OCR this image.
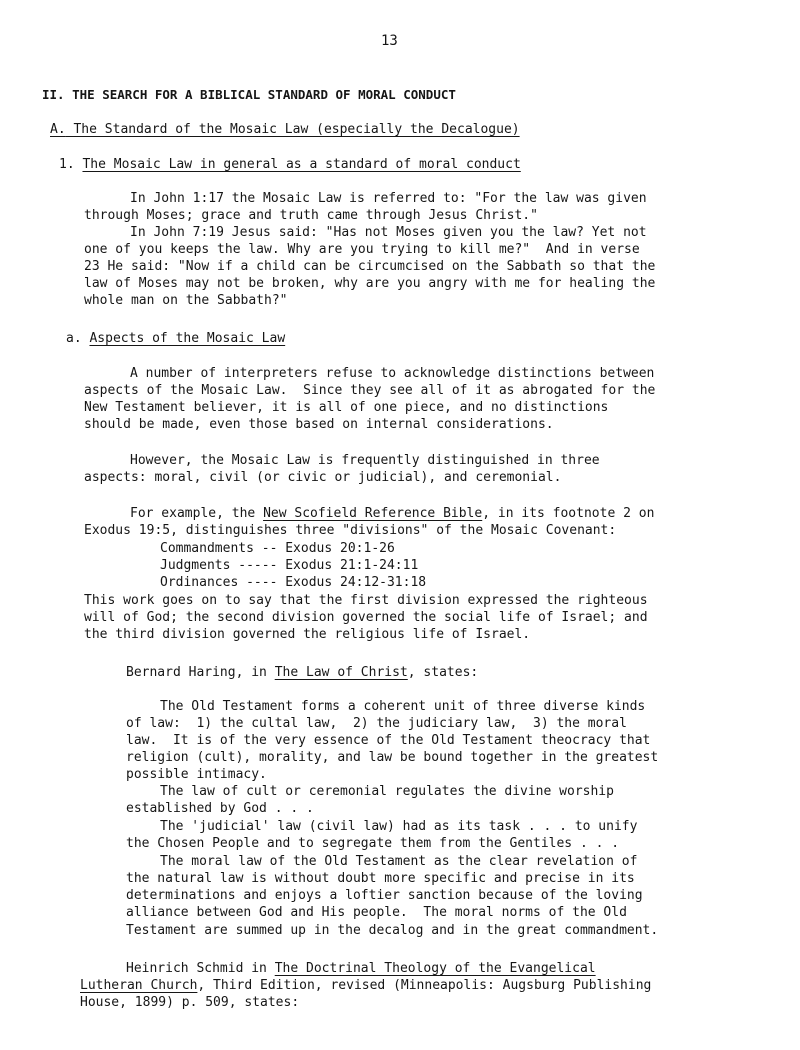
13
II. THE SEARCH FOR A BIBLICAL STANDARD OF MORAL CONDUCT
A. The Standard of the Mosaic Law (especially the Decalogue)
1. The Mosaic Law in general as a standard of moral conduct
In John 1:17 the Mosaic Law is referred to: "For the law was given
through Moses; grace and truth came through Jesus Christ."
In John 7:19 Jesus said: "Has not Moses given you the law? Yet not
one of you keeps the law. Why are you trying to kill me?"  And in verse
23 He said: "Now if a child can be circumcised on the Sabbath so that the
law of Moses may not be broken, why are you angry with me for healing the
whole man on the Sabbath?"
a. Aspects of the Mosaic Law
A number of interpreters refuse to acknowledge distinctions between
aspects of the Mosaic Law.  Since they see all of it as abrogated for the
New Testament believer, it is all of one piece, and no distinctions
should be made, even those based on internal considerations.
However, the Mosaic Law is frequently distinguished in three
aspects: moral, civil (or civic or judicial), and ceremonial.
For example, the New Scofield Reference Bible, in its footnote 2 on
Exodus 19:5, distinguishes three "divisions" of the Mosaic Covenant:
Commandments -- Exodus 20:1-26
Judgments ----- Exodus 21:1-24:11
Ordinances ---- Exodus 24:12-31:18
This work goes on to say that the first division expressed the righteous
will of God; the second division governed the social life of Israel; and
the third division governed the religious life of Israel.
Bernard Haring, in The Law of Christ, states:
The Old Testament forms a coherent unit of three diverse kinds
of law:  1) the cultal law,  2) the judiciary law,  3) the moral
law.  It is of the very essence of the Old Testament theocracy that
religion (cult), morality, and law be bound together in the greatest
possible intimacy.
The law of cult or ceremonial regulates the divine worship
established by God . . .
The 'judicial' law (civil law) had as its task . . . to unify
the Chosen People and to segregate them from the Gentiles . . .
The moral law of the Old Testament as the clear revelation of
the natural law is without doubt more specific and precise in its
determinations and enjoys a loftier sanction because of the loving
alliance between God and His people.  The moral norms of the Old
Testament are summed up in the decalog and in the great commandment.
Heinrich Schmid in The Doctrinal Theology of the Evangelical
Lutheran Church, Third Edition, revised (Minneapolis: Augsburg Publishing
House, 1899) p. 509, states:
